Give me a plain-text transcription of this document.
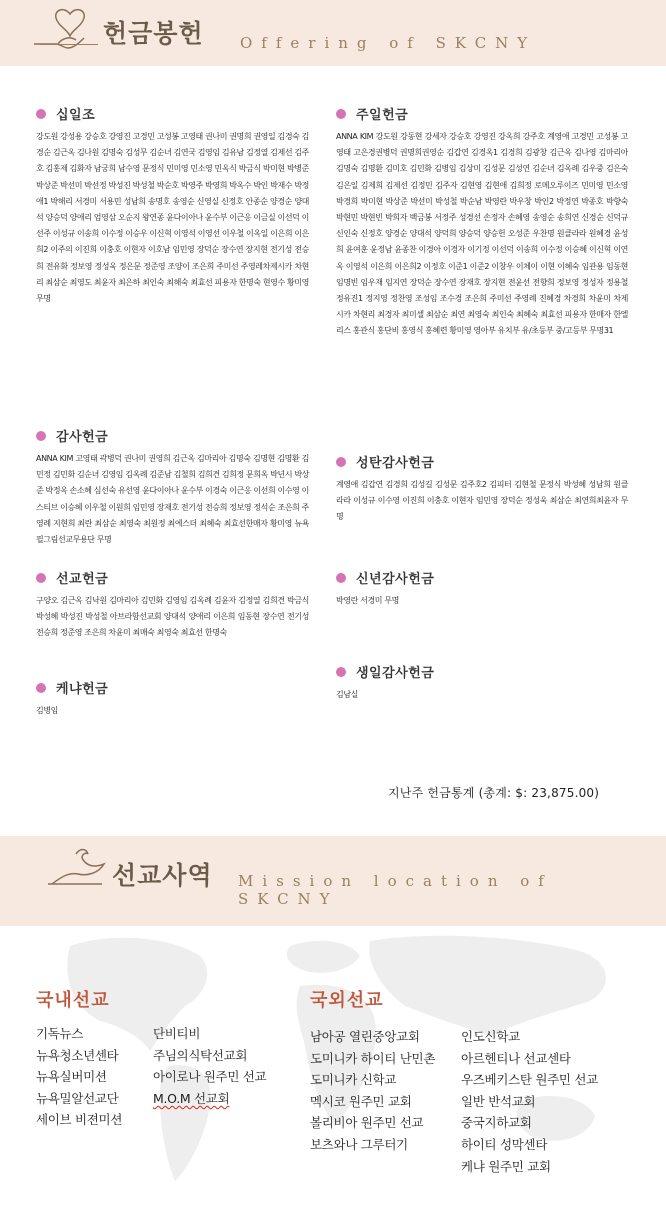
헌금봉헌 Offering of SKCNY
십일조
강도원 강성용 강승호 강영진 고경민 고성봉 고영태 권나미 권명희 권영일 김경숙 김경순 김근옥 김나원 김명숙 김성무 김순녀 김연국 김영임 김유남 김정열 김제선 김주호 김홍제 김화자 남궁희 남수영 문정식 민미영 민소영 민옥식 박금식 박미현 박병준 박상준 박선미 박선정 박성진 박성철 박순호 박영주 박영희 박옥수 박인 박재수 박정애1 박해리 서경미 서용민 성남희 송명호 송영순 신영실 신정호 안종순 양경순 양대석 양승덕 양애리 엄영삼 오순지 왕연종 윤다이아나 윤수부 이근응 이금실 이선덕 이선주 이성규 이송희 이수정 이승우 이신혁 이영석 이영선 이우철 이옥일 이은희 이은희2 이주의 이진희 이충호 이현자 이호남 임민영 장덕순 장수연 장지현 전기성 전승희 전유화 정보영 정성욱 정은문 정준영 조양이 조은희 주미선 주영레차제시카 차현리 최삼순 최영도 최윤자 최은하 최인숙 최해숙 최효선 피용자 한명숙 현영수 황미영 무명
감사헌금
ANNA KIM 고영태 곽병덕 권나미 권영희 김근옥 김마리아 김명숙 김명현 김명환 김민정 김민화 김순녀 김영임 김옥례 김준남 김철희 김희견 김희정 문희옥 박년시 박상준 박정옥 손소혜 심선숙 유선영 윤다이아나 윤수부 이경숙 이근응 이선희 이수영 이스티브 이승혜 이우철 이원희 임민영 장재호 전기성 전승희 정보영 정석순 조은희 주영례 지현희 최란 최삼순 최영숙 최원정 최에스더 최혜숙 최효선한매자 황미영 뉴욕필그림선교무용단 무명
선교헌금
구양오 김근옥 김낙원 김마리아 김민화 김영임 김옥례 김윤자 김정열 김희견 박금식 박성혜 박성진 박성철 아브라함선교회 양대석 양애리 이은희 임동현 장수연 전기성 전승희 정준영 조은희 차윤미 최매숙 최영숙 최효선 한명숙
케냐헌금
김병임
주일헌금
ANNA KIM 강도원 강동현 강세자 강승호 강영진 강옥희 강주호 계영애 고경민 고성봉 고영태 고은경권병덕 권명희권영순 김갑연 김경옥1 김경희 김광창 김근옥 김나영 김마리아 김명숙 김명환 김미호 김민화 김병임 김상미 김성문 김성연 김순녀 김옥례 김우중 김은숙 김은일 김제희 김제선 김정민 김주자 김현영 김현애 김희정 로메오루이즈 민미영 민소영 박경희 박미현 박상준 박선미 박성철 박순남 박영란 박우창 박인2 박정연 박종호 박향숙 박현민 박현빈 박희자 백금봉 서정주 성경선 손정자 손혜영 송영순 송희연 신경순 신덕규 신인숙 신정호 양경순 양대석 양덕희 양승덕 양승헌 오성준 우찬명 원클라라 원혜경 윤성희 윤여훈 윤정남 윤종찬 이경아 이경자 이기정 이선덕 이송희 이수정 이승혜 이신혁 이연옥 이영석 이은희 이은희2 이정호 이준1 이준2 이창우 이체이 이현 이혜숙 임관용 임동현 임명빈 임우재 임지연 장덕순 장수연 장재호 장지현 전윤선 전향희 정보영 정성자 정용철 정유진1 정지영 정찬영 조성임 조수경 조은희 주미선 주영례 진혜경 차경희 차윤미 차제시카 차현리 최경자 최미셀 최삼순 최연 최영숙 최인숙 최혜숙 최효선 피용자 한매자 한엘리스 홍관식 홍단비 홍영식 홍혜련 황미영 영아부 유치부 유/초등부 중/고등부 무명31
성탄감사헌금
계영애 김갑연 김경희 김성길 김성문 김주호2 김피터 김현철 문정식 박성혜 성남희 원클라라 이성규 이수영 이진희 이충호 이현자 임민영 장덕순 정성욱 최삼순 최연희최윤자 무명
신년감사헌금
박영란 서경미 무명
생일감사헌금
김남실
지난주 헌금통계 (총계: $: 23,875.00)
선교사역 Mission location of SKCNY
국내선교
기독뉴스
뉴욕청소년센타
뉴욕실버미션
뉴욕밀알선교단
세이브 비젼미션
단비티비
주님의식탁선교회
아이로나 원주민 선교
M.O.M 선교회
국외선교
남아공 열린중앙교회
도미니카 하이티 난민촌
도미니카 신학교
멕시코 원주민 교회
볼리비아 원주민 선교
보츠와나 그루터기
인도신학교
아르헨티나 선교센타
우즈베키스탄 원주민 선교
일반 반석교회
중국지하교회
하이티 성막센타
케냐 원주민 교회
